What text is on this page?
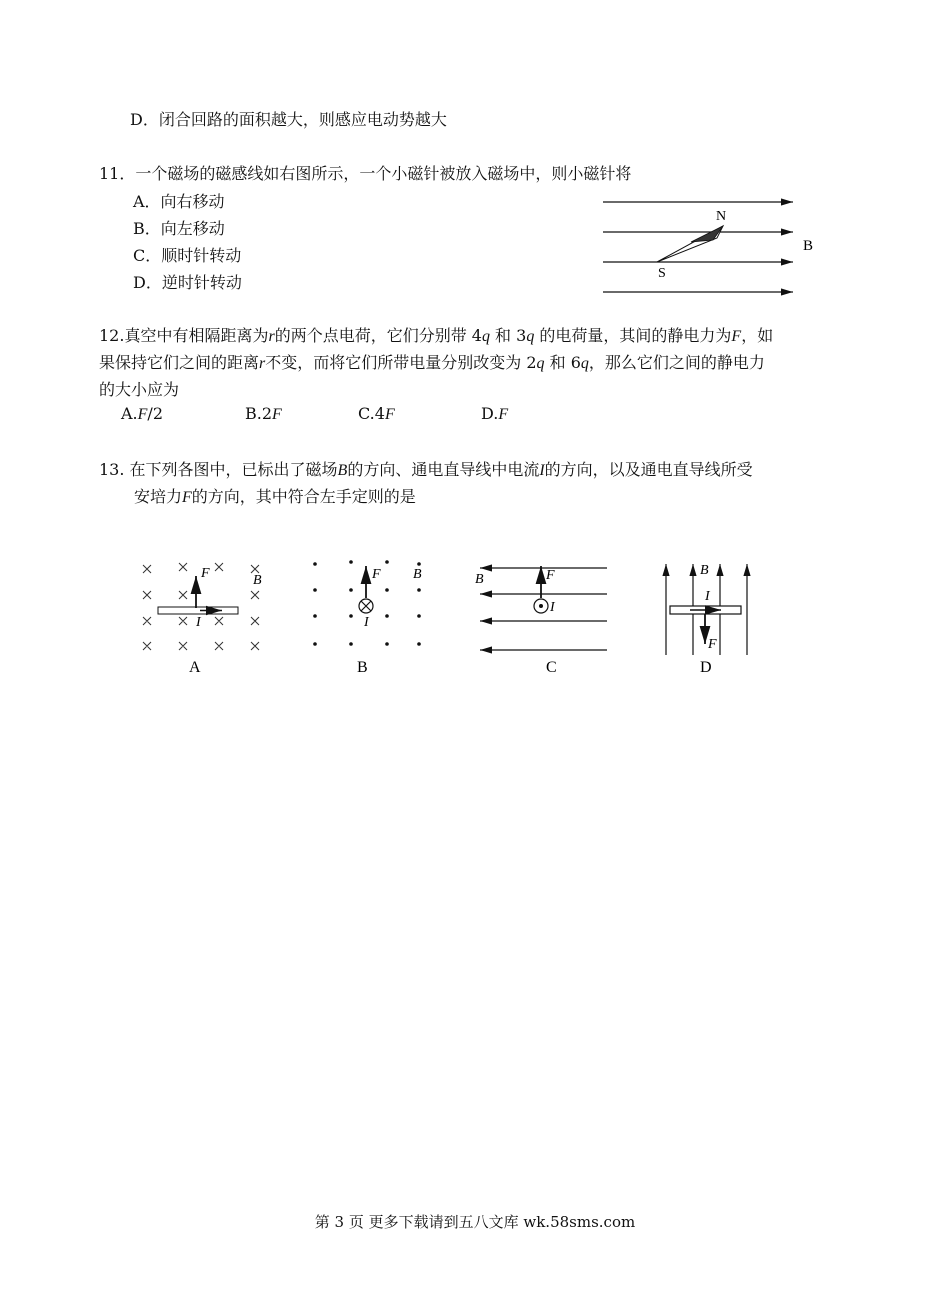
D．闭合回路的面积越大，则感应电动势越大
11．一个磁场的磁感线如右图所示，一个小磁针被放入磁场中，则小磁针将
A．向右移动
B．向左移动
C．顺时针转动
D．逆时针转动
N
S
B
12.真空中有相隔距离为r的两个点电荷，它们分别带 4q 和 3q 的电荷量，其间的静电力为F，如
果保持它们之间的距离r不变，而将它们所带电量分别改变为 2q 和 6q，那么它们之间的静电力
的大小应为
A.F/2	B.2F	C.4F	D.F
13. 在下列各图中，已标出了磁场B的方向、通电直导线中电流I的方向，以及通电直导线所受
安培力F的方向，其中符合左手定则的是
F	B
I
A
F B
I
B
B	F
I
C
B
I
F
D
第 3 页 更多下载请到五八文库 wk.58sms.com
